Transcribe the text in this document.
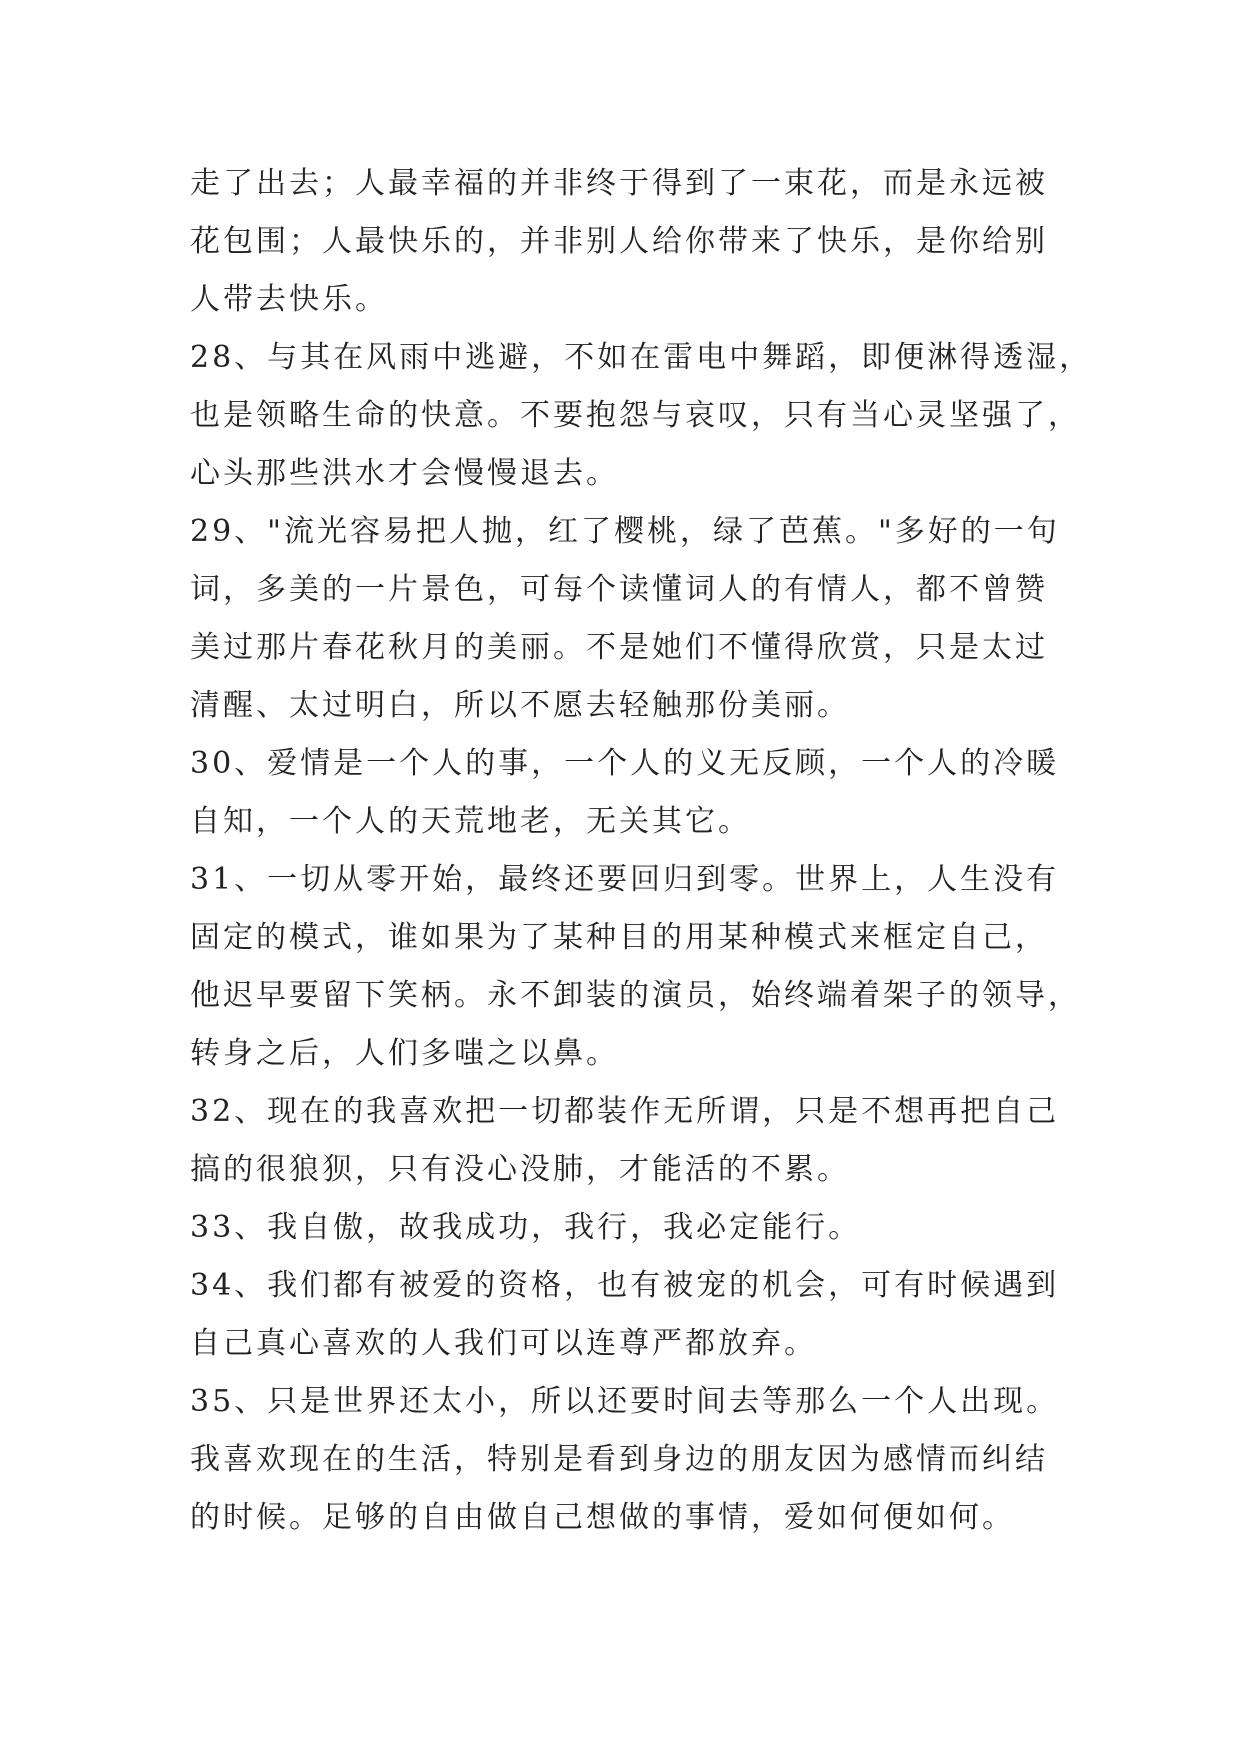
走了出去；人最幸福的并非终于得到了一束花，而是永远被
花包围；人最快乐的，并非别人给你带来了快乐，是你给别
人带去快乐。
28、与其在风雨中逃避，不如在雷电中舞蹈，即便淋得透湿，
也是领略生命的快意。不要抱怨与哀叹，只有当心灵坚强了，
心头那些洪水才会慢慢退去。
29、"流光容易把人抛，红了樱桃，绿了芭蕉。"多好的一句
词，多美的一片景色，可每个读懂词人的有情人，都不曾赞
美过那片春花秋月的美丽。不是她们不懂得欣赏，只是太过
清醒、太过明白，所以不愿去轻触那份美丽。
30、爱情是一个人的事，一个人的义无反顾，一个人的冷暖
自知，一个人的天荒地老，无关其它。
31、一切从零开始，最终还要回归到零。世界上，人生没有
固定的模式，谁如果为了某种目的用某种模式来框定自己，
他迟早要留下笑柄。永不卸装的演员，始终端着架子的领导，
转身之后，人们多嗤之以鼻。
32、现在的我喜欢把一切都装作无所谓，只是不想再把自己
搞的很狼狈，只有没心没肺，才能活的不累。
33、我自傲，故我成功，我行，我必定能行。
34、我们都有被爱的资格，也有被宠的机会，可有时候遇到
自己真心喜欢的人我们可以连尊严都放弃。
35、只是世界还太小，所以还要时间去等那么一个人出现。
我喜欢现在的生活，特别是看到身边的朋友因为感情而纠结
的时候。足够的自由做自己想做的事情，爱如何便如何。
